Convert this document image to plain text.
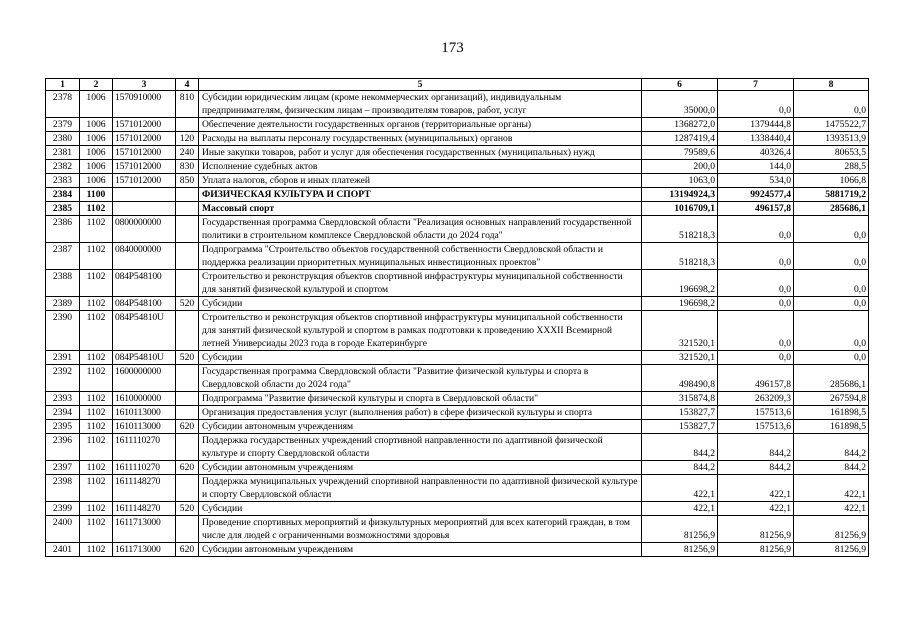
173
1	2	3	4	5	6	7	8
2378	1006	1570910000	810	Субсидии юридическим лицам (кроме некоммерческих организаций), индивидуальным предпринимателям, физическим лицам – производителям товаров, работ, услуг	35000,0	0,0	0,0
2379	1006	1571012000		Обеспечение деятельности государственных органов (территориальные органы)	1368272,0	1379444,8	1475522,7
2380	1006	1571012000	120	Расходы на выплаты персоналу государственных (муниципальных) органов	1287419,4	1338440,4	1393513,9
2381	1006	1571012000	240	Иные закупки товаров, работ и услуг для обеспечения государственных (муниципальных) нужд	79589,6	40326,4	80653,5
2382	1006	1571012000	830	Исполнение судебных актов	200,0	144,0	288,5
2383	1006	1571012000	850	Уплата налогов, сборов и иных платежей	1063,0	534,0	1066,8
2384	1100			ФИЗИЧЕСКАЯ КУЛЬТУРА И СПОРТ	13194924,3	9924577,4	5881719,2
2385	1102			Массовый спорт	1016709,1	496157,8	285686,1
2386	1102	0800000000		Государственная программа Свердловской области "Реализация основных направлений государственной политики в строительном комплексе Свердловской области до 2024 года"	518218,3	0,0	0,0
2387	1102	0840000000		Подпрограмма "Строительство объектов государственной собственности Свердловской области и поддержка реализации приоритетных муниципальных инвестиционных проектов"	518218,3	0,0	0,0
2388	1102	084P548100		Строительство и реконструкция объектов спортивной инфраструктуры муниципальной собственности для занятий физической культурой и спортом	196698,2	0,0	0,0
2389	1102	084P548100	520	Субсидии	196698,2	0,0	0,0
2390	1102	084P54810U		Строительство и реконструкция объектов спортивной инфраструктуры муниципальной собственности для занятий физической культурой и спортом в рамках подготовки к проведению XXXII Всемирной летней Универсиады 2023 года в городе Екатеринбурге	321520,1	0,0	0,0
2391	1102	084P54810U	520	Субсидии	321520,1	0,0	0,0
2392	1102	1600000000		Государственная программа Свердловской области "Развитие физической культуры и спорта в Свердловской области до 2024 года"	498490,8	496157,8	285686,1
2393	1102	1610000000		Подпрограмма "Развитие физической культуры и спорта в Свердловской области"	315874,8	263209,3	267594,8
2394	1102	1610113000		Организация предоставления услуг (выполнения работ) в сфере физической культуры и спорта	153827,7	157513,6	161898,5
2395	1102	1610113000	620	Субсидии автономным учреждениям	153827,7	157513,6	161898,5
2396	1102	1611110270		Поддержка государственных учреждений спортивной направленности по адаптивной физической культуре и спорту Свердловской области	844,2	844,2	844,2
2397	1102	1611110270	620	Субсидии автономным учреждениям	844,2	844,2	844,2
2398	1102	1611148270		Поддержка муниципальных учреждений спортивной направленности по адаптивной физической культуре и спорту Свердловской области	422,1	422,1	422,1
2399	1102	1611148270	520	Субсидии	422,1	422,1	422,1
2400	1102	1611713000		Проведение спортивных мероприятий и физкультурных мероприятий для всех категорий граждан, в том числе для людей с ограниченными возможностями здоровья	81256,9	81256,9	81256,9
2401	1102	1611713000	620	Субсидии автономным учреждениям	81256,9	81256,9	81256,9
